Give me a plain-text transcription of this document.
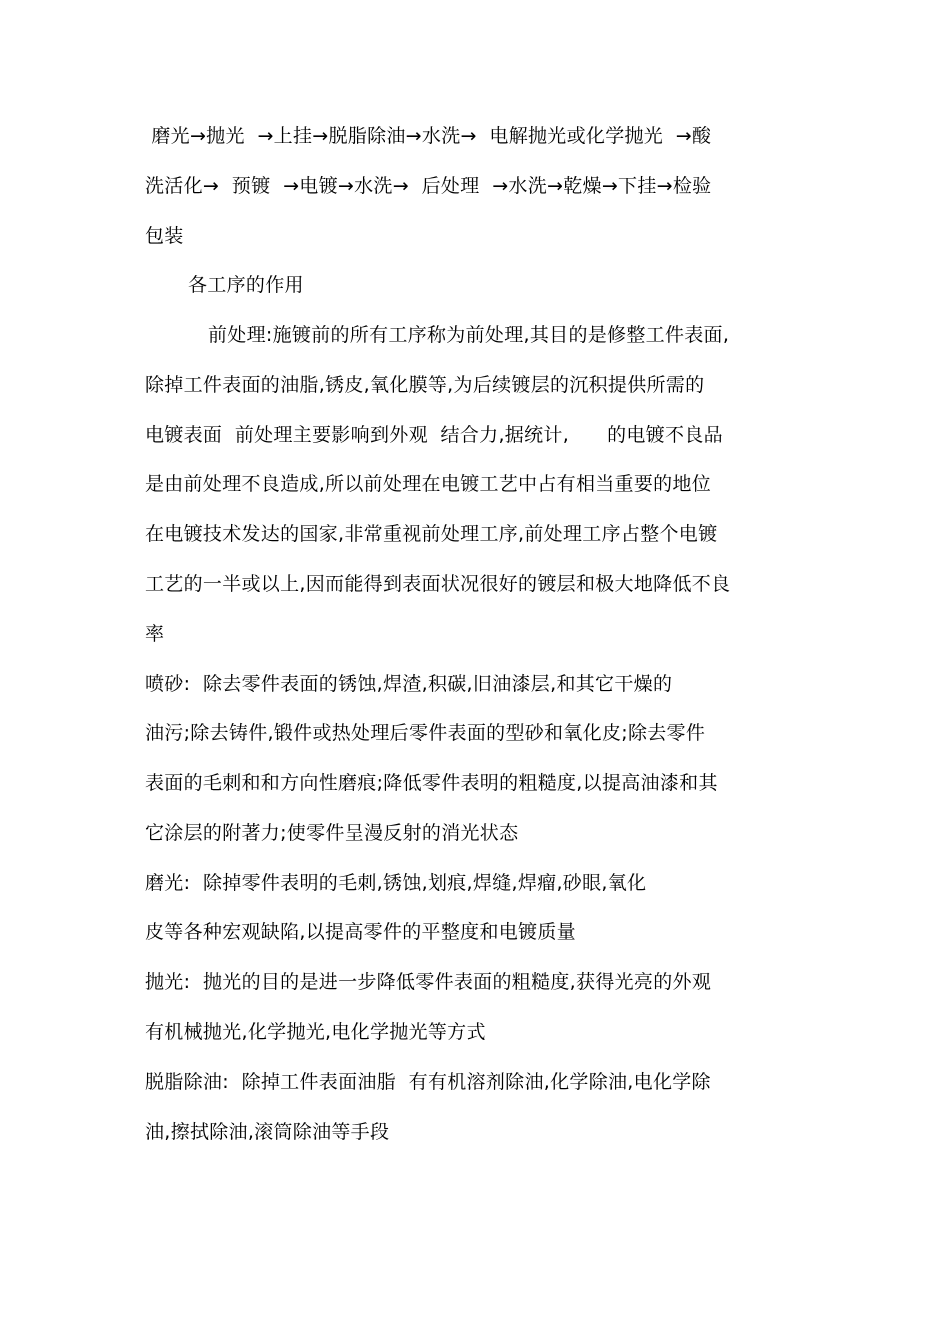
磨光→抛光  →上挂→脱脂除油→水洗→  电解抛光或化学抛光  →酸
洗活化→  预镀  →电镀→水洗→  后处理  →水洗→乾燥→下挂→检验
包装
各工序的作用
前处理:施镀前的所有工序称为前处理,其目的是修整工件表面,
除掉工件表面的油脂,锈皮,氧化膜等,为后续镀层的沉积提供所需的
电镀表面  前处理主要影响到外观  结合力,据统计,      的电镀不良品
是由前处理不良造成,所以前处理在电镀工艺中占有相当重要的地位
在电镀技术发达的国家,非常重视前处理工序,前处理工序占整个电镀
工艺的一半或以上,因而能得到表面状况很好的镀层和极大地降低不良
率
喷砂:  除去零件表面的锈蚀,焊渣,积碳,旧油漆层,和其它干燥的
油污;除去铸件,锻件或热处理后零件表面的型砂和氧化皮;除去零件
表面的毛刺和和方向性磨痕;降低零件表明的粗糙度,以提高油漆和其
它涂层的附著力;使零件呈漫反射的消光状态
磨光:  除掉零件表明的毛刺,锈蚀,划痕,焊缝,焊瘤,砂眼,氧化
皮等各种宏观缺陷,以提高零件的平整度和电镀质量
抛光:  抛光的目的是进一步降低零件表面的粗糙度,获得光亮的外观
有机械抛光,化学抛光,电化学抛光等方式
脱脂除油:  除掉工件表面油脂  有有机溶剂除油,化学除油,电化学除
油,擦拭除油,滚筒除油等手段
